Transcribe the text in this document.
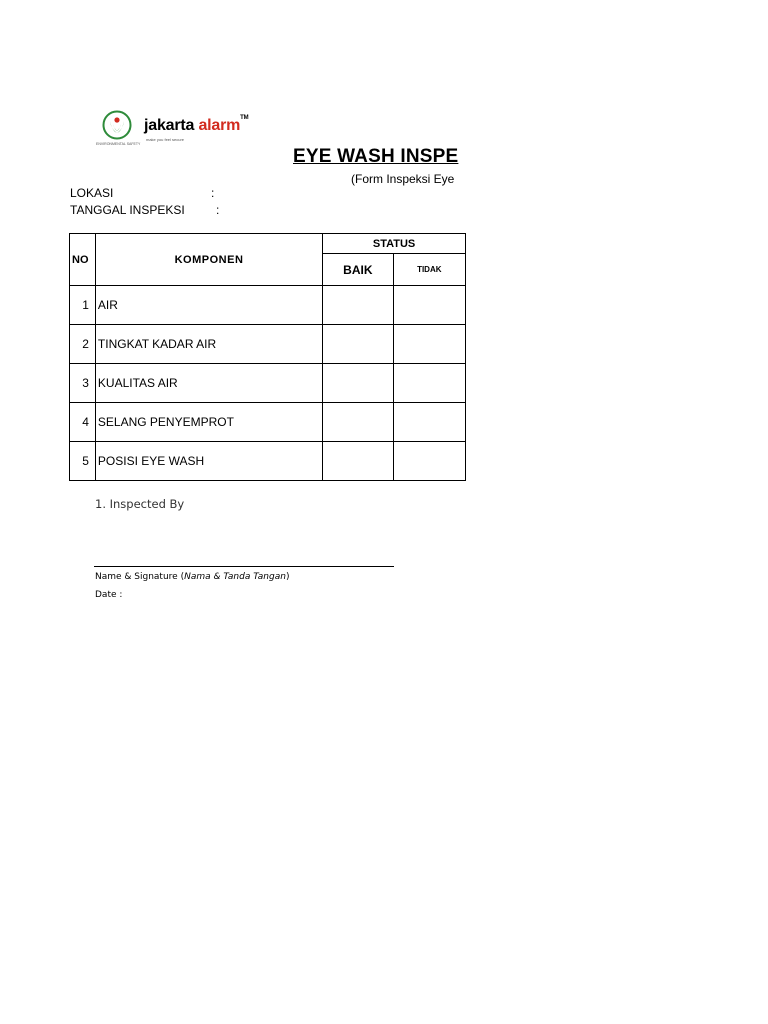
jakarta alarm™
make you feel secure
ENVIRONMENTAL SAFETY
EYE WASH INSPE
(Form Inspeksi Eye
LOKASI	:
TANGGAL INSPEKSI	:
NO	KOMPONEN	STATUS	
		BAIK	TIDAK
1	AIR		
2	TINGKAT KADAR AIR		
3	KUALITAS AIR		
4	SELANG PENYEMPROT		
5	POSISI EYE WASH		
1. Inspected By
Name & Signature (Nama & Tanda Tangan)
Date :
